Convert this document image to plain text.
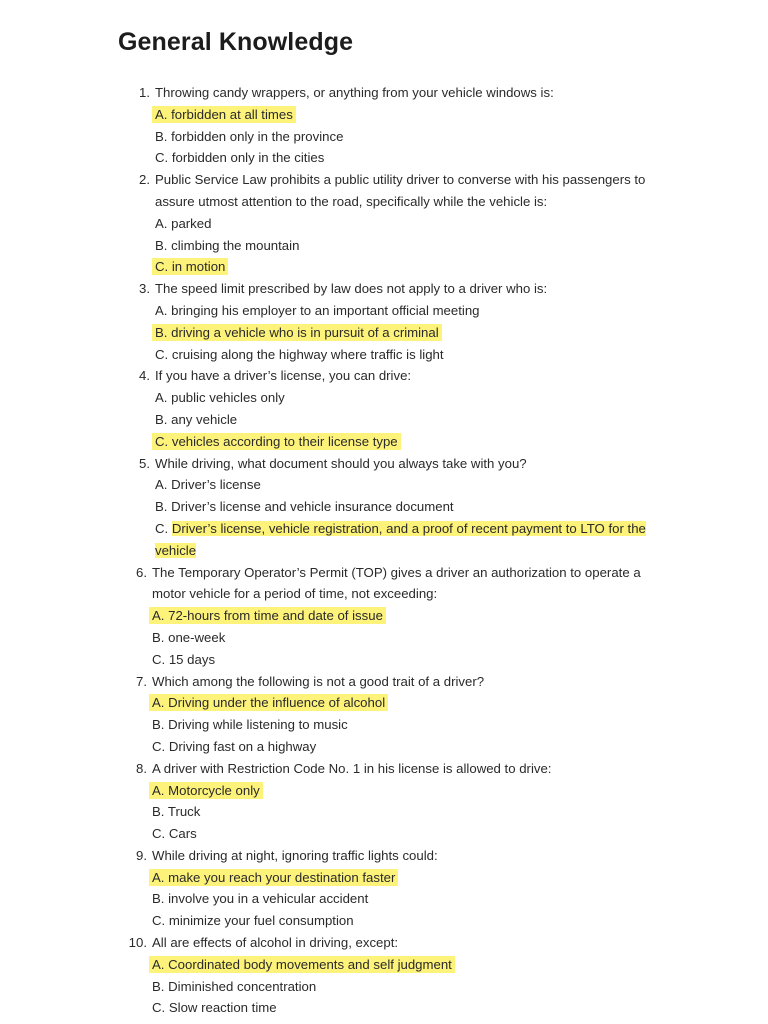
General Knowledge
1. Throwing candy wrappers, or anything from your vehicle windows is:
A. forbidden at all times
B. forbidden only in the province
C. forbidden only in the cities
2. Public Service Law prohibits a public utility driver to converse with his passengers to assure utmost attention to the road, specifically while the vehicle is:
A. parked
B. climbing the mountain
C. in motion
3. The speed limit prescribed by law does not apply to a driver who is:
A. bringing his employer to an important official meeting
B. driving a vehicle who is in pursuit of a criminal
C. cruising along the highway where traffic is light
4. If you have a driver’s license, you can drive:
A. public vehicles only
B. any vehicle
C. vehicles according to their license type
5. While driving, what document should you always take with you?
A. Driver’s license
B. Driver’s license and vehicle insurance document
C. Driver’s license, vehicle registration, and a proof of recent payment to LTO for the vehicle
6. The Temporary Operator’s Permit (TOP) gives a driver an authorization to operate a motor vehicle for a period of time, not exceeding:
A. 72-hours from time and date of issue
B. one-week
C. 15 days
7. Which among the following is not a good trait of a driver?
A. Driving under the influence of alcohol
B. Driving while listening to music
C. Driving fast on a highway
8. A driver with Restriction Code No. 1 in his license is allowed to drive:
A. Motorcycle only
B. Truck
C. Cars
9. While driving at night, ignoring traffic lights could:
A. make you reach your destination faster
B. involve you in a vehicular accident
C. minimize your fuel consumption
10. All are effects of alcohol in driving, except:
A. Coordinated body movements and self judgment
B. Diminished concentration
C. Slow reaction time
